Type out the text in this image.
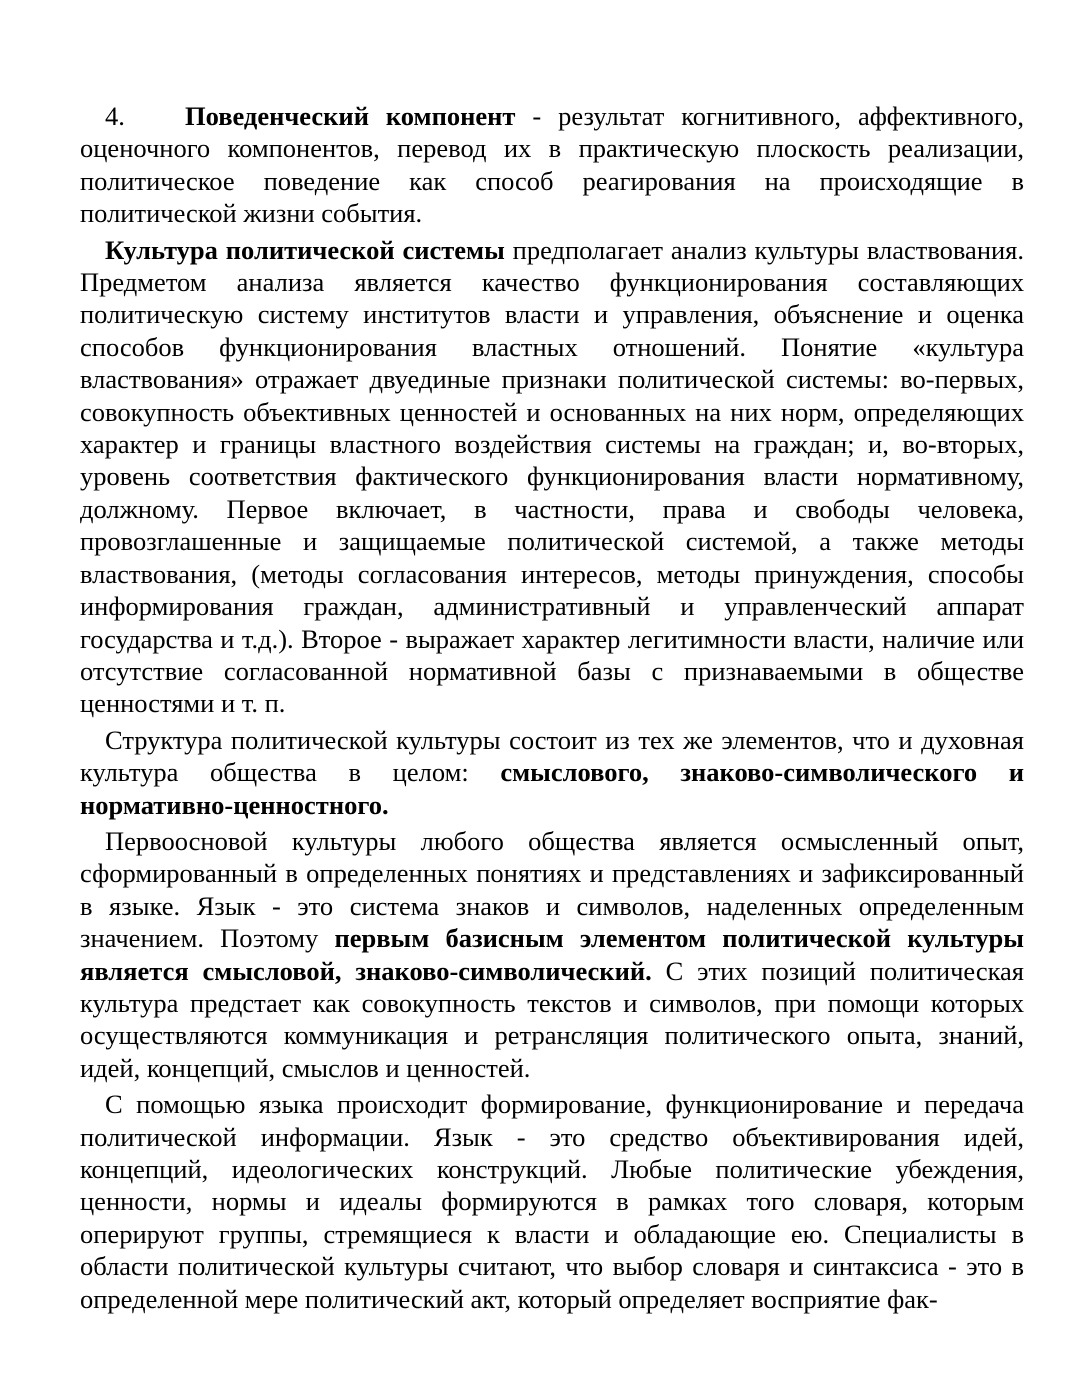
4. Поведенческий компонент - результат когнитивного, аффективного, оценочного компонентов, перевод их в практическую плоскость реализации, политическое поведение как способ реагирования на происходящие в политической жизни события.

Культура политической системы предполагает анализ культуры властвования. Предметом анализа является качество функционирования составляющих политическую систему институтов власти и управления, объяснение и оценка способов функционирования властных отношений. Понятие «культура властвования» отражает двуединые признаки политической системы: во-первых, совокупность объективных ценностей и основанных на них норм, определяющих характер и границы властного воздействия системы на граждан; и, во-вторых, уровень соответствия фактического функционирования власти нормативному, должному. Первое включает, в частности, права и свободы человека, провозглашенные и защищаемые политической системой, а также методы властвования, (методы согласования интересов, методы принуждения, способы информирования граждан, административный и управленческий аппарат государства и т.д.). Второе - выражает характер легитимности власти, наличие или отсутствие согласованной нормативной базы с признаваемыми в обществе ценностями и т. п.

Структура политической культуры состоит из тех же элементов, что и духовная культура общества в целом: смыслового, знаково-символического и нормативно-ценностного.

Первоосновой культуры любого общества является осмысленный опыт, сформированный в определенных понятиях и представлениях и зафиксированный в языке. Язык - это система знаков и символов, наделенных определенным значением. Поэтому первым базисным элементом политической культуры является смысловой, знаково-символический. С этих позиций политическая культура предстает как совокупность текстов и символов, при помощи которых осуществляются коммуникация и ретрансляция политического опыта, знаний, идей, концепций, смыслов и ценностей.

С помощью языка происходит формирование, функционирование и передача политической информации. Язык - это средство объективирования идей, концепций, идеологических конструкций. Любые политические убеждения, ценности, нормы и идеалы формируются в рамках того словаря, которым оперируют группы, стремящиеся к власти и обладающие ею. Специалисты в области политической культуры считают, что выбор словаря и синтаксиса - это в определенной мере политический акт, который определяет восприятие фак-
